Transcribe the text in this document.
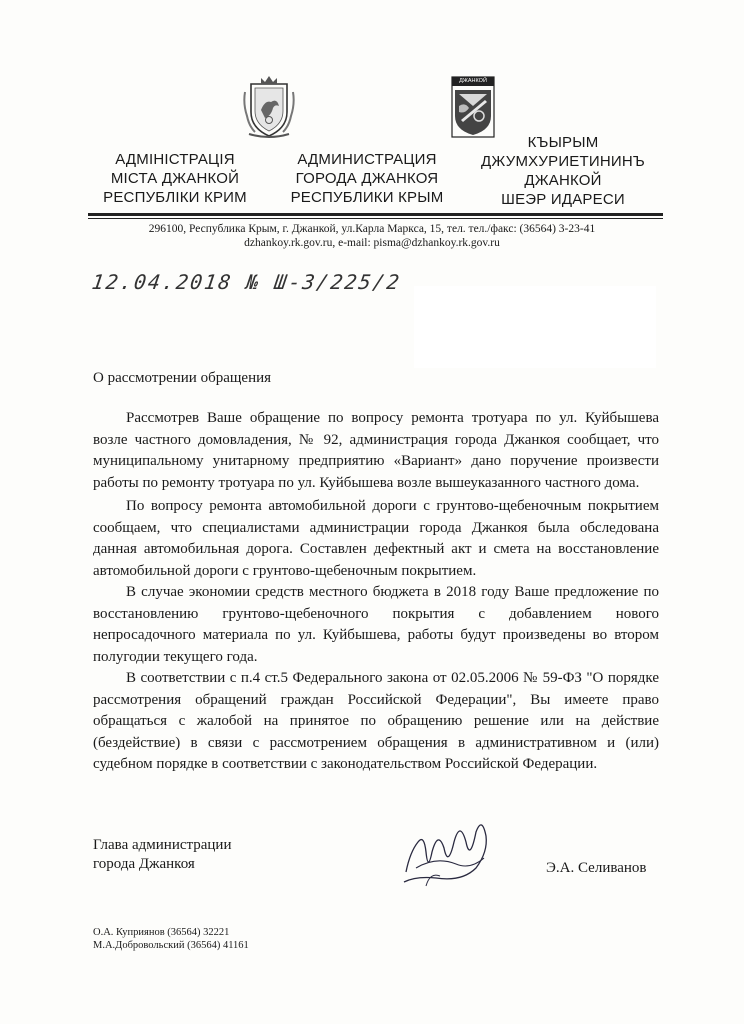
ДЖАНКОЙ
АДМІНІСТРАЦІЯ
МІСТА ДЖАНКОЙ
РЕСПУБЛІКИ КРИМ
АДМИНИСТРАЦИЯ
ГОРОДА ДЖАНКОЯ
РЕСПУБЛИКИ КРЫМ
КЪЫРЫМ
ДЖУМХУРИЕТИНИНЪ
ДЖАНКОЙ
ШЕЭР ИДАРЕСИ
296100, Республика Крым, г. Джанкой, ул.Карла Маркса, 15, тел. тел./факс: (36564) 3-23-41
dzhankoy.rk.gov.ru, e-mail: pisma@dzhankoy.rk.gov.ru
12.04.2018 № Ш-3/225/2
О рассмотрении обращения

Рассмотрев Ваше обращение по вопросу ремонта тротуара по ул. Куйбышева возле частного домовладения, № 92, администрация города Джанкоя сообщает, что муниципальному унитарному предприятию «Вариант» дано поручение произвести работы по ремонту тротуара по ул. Куйбышева возле вышеуказанного частного дома.

По вопросу ремонта автомобильной дороги с грунтово-щебеночным покрытием сообщаем, что специалистами администрации города Джанкоя была обследована данная автомобильная дорога. Составлен дефектный акт и смета на восстановление автомобильной дороги с грунтово-щебеночным покрытием.

В случае экономии средств местного бюджета в 2018 году Ваше предложение по восстановлению грунтово-щебеночного покрытия с добавлением нового непросадочного материала по ул. Куйбышева, работы будут произведены во втором полугодии текущего года.

В соответствии с п.4 ст.5 Федерального закона от 02.05.2006 № 59-ФЗ "О порядке рассмотрения обращений граждан Российской Федерации", Вы имеете право обращаться с жалобой на принятое по обращению решение или на действие (бездействие) в связи с рассмотрением обращения в административном и (или) судебном порядке в соответствии с законодательством Российской Федерации.

Глава администрации
города Джанкоя	Э.А. Селиванов
О.А. Куприянов (36564) 32221
М.А.Добровольский (36564) 41161
